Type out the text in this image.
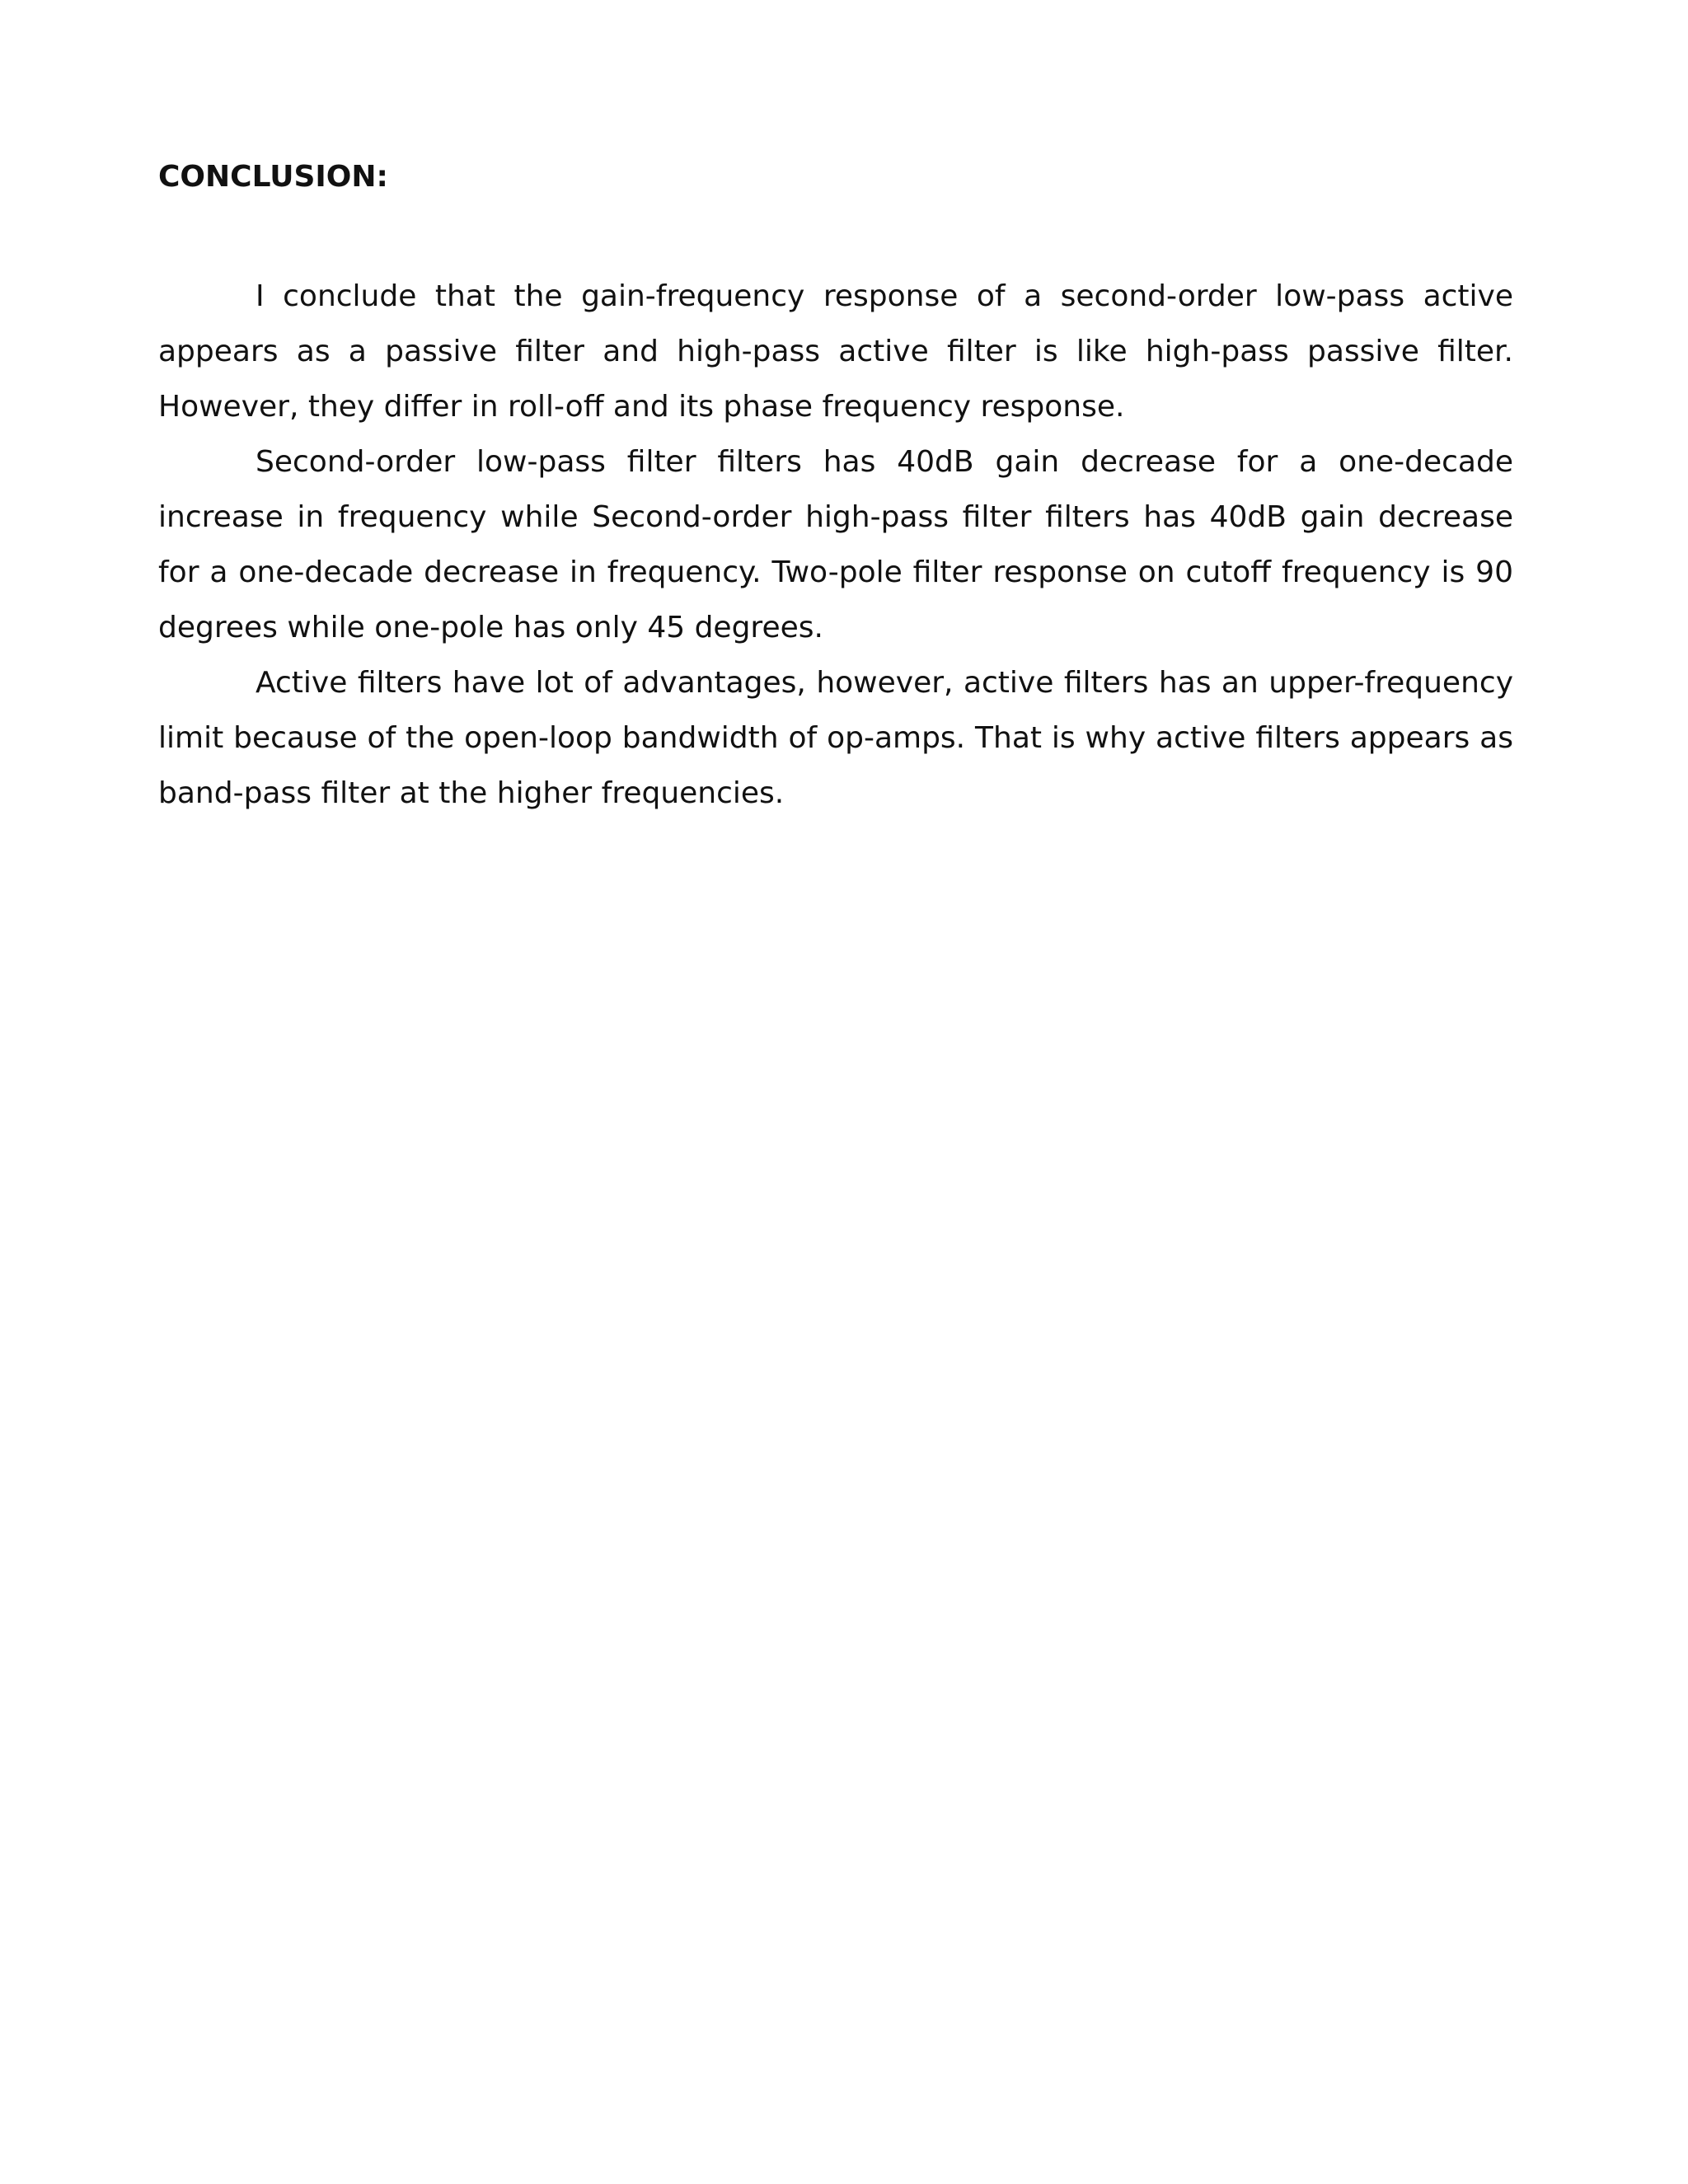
CONCLUSION:

I conclude that the gain-frequency response of a second-order low-pass active appears as a passive filter and high-pass active filter is like high-pass passive filter. However, they differ in roll-off and its phase frequency response.

Second-order low-pass filter filters has 40dB gain decrease for a one-decade increase in frequency while Second-order high-pass filter filters has 40dB gain decrease for a one-decade decrease in frequency. Two-pole filter response on cutoff frequency is 90 degrees while one-pole has only 45 degrees.

Active filters have lot of advantages, however, active filters has an upper-frequency limit because of the open-loop bandwidth of op-amps. That is why active filters appears as band-pass filter at the higher frequencies.
